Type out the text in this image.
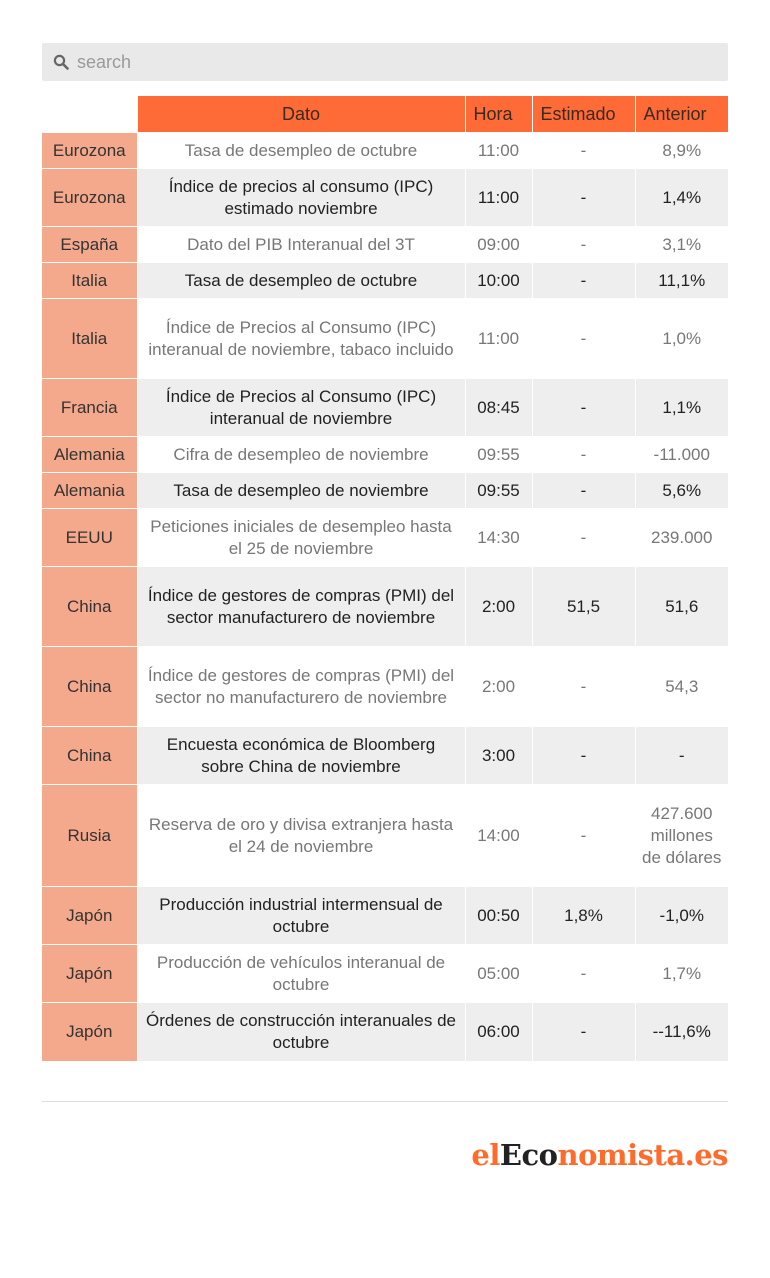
search
	Dato	Hora	Estimado	Anterior
Eurozona	Tasa de desempleo de octubre	11:00	-	8,9%
Eurozona	Índice de precios al consumo (IPC) estimado noviembre	11:00	-	1,4%
España	Dato del PIB Interanual del 3T	09:00	-	3,1%
Italia	Tasa de desempleo de octubre	10:00	-	11,1%
Italia	Índice de Precios al Consumo (IPC) interanual de noviembre, tabaco incluido	11:00	-	1,0%
Francia	Índice de Precios al Consumo (IPC) interanual de noviembre	08:45	-	1,1%
Alemania	Cifra de desempleo de noviembre	09:55	-	-11.000
Alemania	Tasa de desempleo de noviembre	09:55	-	5,6%
EEUU	Peticiones iniciales de desempleo hasta el 25 de noviembre	14:30	-	239.000
China	Índice de gestores de compras (PMI) del sector manufacturero de noviembre	2:00	51,5	51,6
China	Índice de gestores de compras (PMI) del sector no manufacturero de noviembre	2:00	-	54,3
China	Encuesta económica de Bloomberg sobre China de noviembre	3:00	-	-
Rusia	Reserva de oro y divisa extranjera hasta el 24 de noviembre	14:00	-	427.600 millones de dólares
Japón	Producción industrial intermensual de octubre	00:50	1,8%	-1,0%
Japón	Producción de vehículos interanual de octubre	05:00	-	1,7%
Japón	Órdenes de construcción interanuales de octubre	06:00	-	--11,6%
elEconomista.es
